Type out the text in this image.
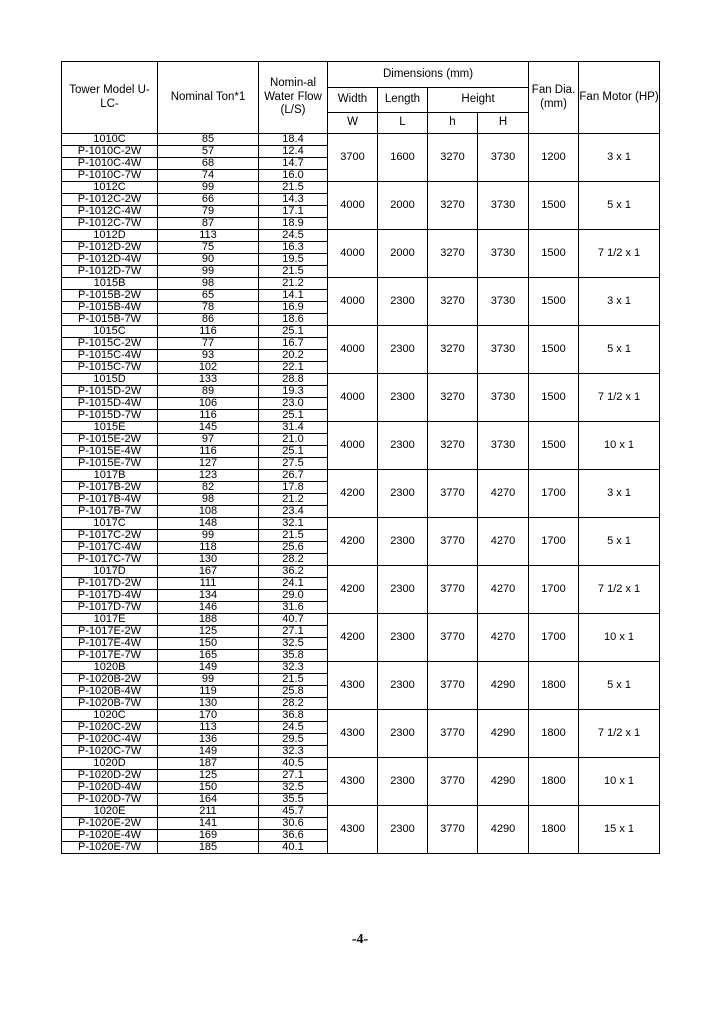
Tower Model U-LC-	Nominal Ton*1	Nomin-al Water Flow (L/S)	Dimensions (mm)				Fan Dia. (mm)	Fan Motor (HP)
			Width	Length	Height			
			W	L	h	H		
1010C	85	18.4	3700	1600	3270	3730	1200	3 x 1
P-1010C-2W	57	12.4						
P-1010C-4W	68	14.7						
P-1010C-7W	74	16.0						
1012C	99	21.5	4000	2000	3270	3730	1500	5 x 1
P-1012C-2W	66	14.3						
P-1012C-4W	79	17.1						
P-1012C-7W	87	18.9						
1012D	113	24.5	4000	2000	3270	3730	1500	7 1/2 x 1
P-1012D-2W	75	16.3						
P-1012D-4W	90	19.5						
P-1012D-7W	99	21.5						
1015B	98	21.2	4000	2300	3270	3730	1500	3 x 1
P-1015B-2W	65	14.1						
P-1015B-4W	78	16.9						
P-1015B-7W	86	18.6						
1015C	116	25.1	4000	2300	3270	3730	1500	5 x 1
P-1015C-2W	77	16.7						
P-1015C-4W	93	20.2						
P-1015C-7W	102	22.1						
1015D	133	28.8	4000	2300	3270	3730	1500	7 1/2 x 1
P-1015D-2W	89	19.3						
P-1015D-4W	106	23.0						
P-1015D-7W	116	25.1						
1015E	145	31.4	4000	2300	3270	3730	1500	10 x 1
P-1015E-2W	97	21.0						
P-1015E-4W	116	25.1						
P-1015E-7W	127	27.5						
1017B	123	26.7	4200	2300	3770	4270	1700	3 x 1
P-1017B-2W	82	17.8						
P-1017B-4W	98	21.2						
P-1017B-7W	108	23.4						
1017C	148	32.1	4200	2300	3770	4270	1700	5 x 1
P-1017C-2W	99	21.5						
P-1017C-4W	118	25.6						
P-1017C-7W	130	28.2						
1017D	167	36.2	4200	2300	3770	4270	1700	7 1/2 x 1
P-1017D-2W	111	24.1						
P-1017D-4W	134	29.0						
P-1017D-7W	146	31.6						
1017E	188	40.7	4200	2300	3770	4270	1700	10 x 1
P-1017E-2W	125	27.1						
P-1017E-4W	150	32.5						
P-1017E-7W	165	35.8						
1020B	149	32.3	4300	2300	3770	4290	1800	5 x 1
P-1020B-2W	99	21.5						
P-1020B-4W	119	25.8						
P-1020B-7W	130	28.2						
1020C	170	36.8	4300	2300	3770	4290	1800	7 1/2 x 1
P-1020C-2W	113	24.5						
P-1020C-4W	136	29.5						
P-1020C-7W	149	32.3						
1020D	187	40.5	4300	2300	3770	4290	1800	10 x 1
P-1020D-2W	125	27.1						
P-1020D-4W	150	32.5						
P-1020D-7W	164	35.5						
1020E	211	45.7	4300	2300	3770	4290	1800	15 x 1
P-1020E-2W	141	30.6						
P-1020E-4W	169	36.6						
P-1020E-7W	185	40.1						
-4-
